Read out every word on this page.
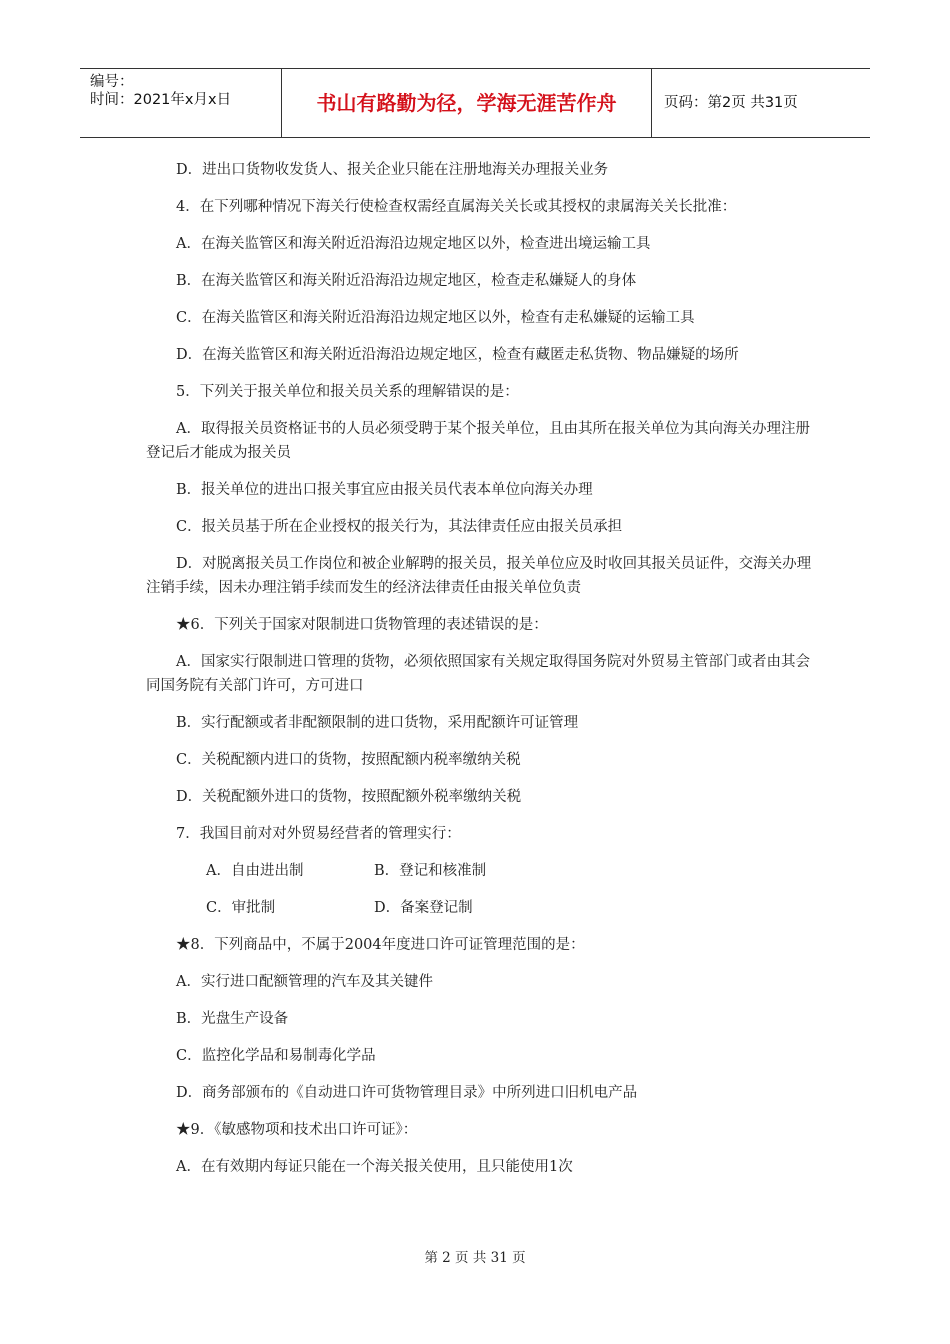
编号：
时间：2021年x月x日	书山有路勤为径，学海无涯苦作舟	页码：第2页 共31页

D．进出口货物收发货人、报关企业只能在注册地海关办理报关业务

4．在下列哪种情况下海关行使检查权需经直属海关关长或其授权的隶属海关关长批准：

A．在海关监管区和海关附近沿海沿边规定地区以外，检查进出境运输工具

B．在海关监管区和海关附近沿海沿边规定地区，检查走私嫌疑人的身体

C．在海关监管区和海关附近沿海沿边规定地区以外，检查有走私嫌疑的运输工具

D．在海关监管区和海关附近沿海沿边规定地区，检查有藏匿走私货物、物品嫌疑的场所

5．下列关于报关单位和报关员关系的理解错误的是：

A．取得报关员资格证书的人员必须受聘于某个报关单位，且由其所在报关单位为其向海关办理注册登记后才能成为报关员

B．报关单位的进出口报关事宜应由报关员代表本单位向海关办理

C．报关员基于所在企业授权的报关行为，其法律责任应由报关员承担

D．对脱离报关员工作岗位和被企业解聘的报关员，报关单位应及时收回其报关员证件，交海关办理注销手续，因未办理注销手续而发生的经济法律责任由报关单位负责

★6．下列关于国家对限制进口货物管理的表述错误的是：

A．国家实行限制进口管理的货物，必须依照国家有关规定取得国务院对外贸易主管部门或者由其会同国务院有关部门许可，方可进口

B．实行配额或者非配额限制的进口货物，采用配额许可证管理

C．关税配额内进口的货物，按照配额内税率缴纳关税

D．关税配额外进口的货物，按照配额外税率缴纳关税

7．我国目前对对外贸易经营者的管理实行：

A．自由进出制	B．登记和核准制

C．审批制	D．备案登记制

★8．下列商品中，不属于2004年度进口许可证管理范围的是：

A．实行进口配额管理的汽车及其关键件

B．光盘生产设备

C．监控化学品和易制毒化学品

D．商务部颁布的《自动进口许可货物管理目录》中所列进口旧机电产品

★9．《敏感物项和技术出口许可证》：

A．在有效期内每证只能在一个海关报关使用，且只能使用1次

第 2 页 共 31 页
